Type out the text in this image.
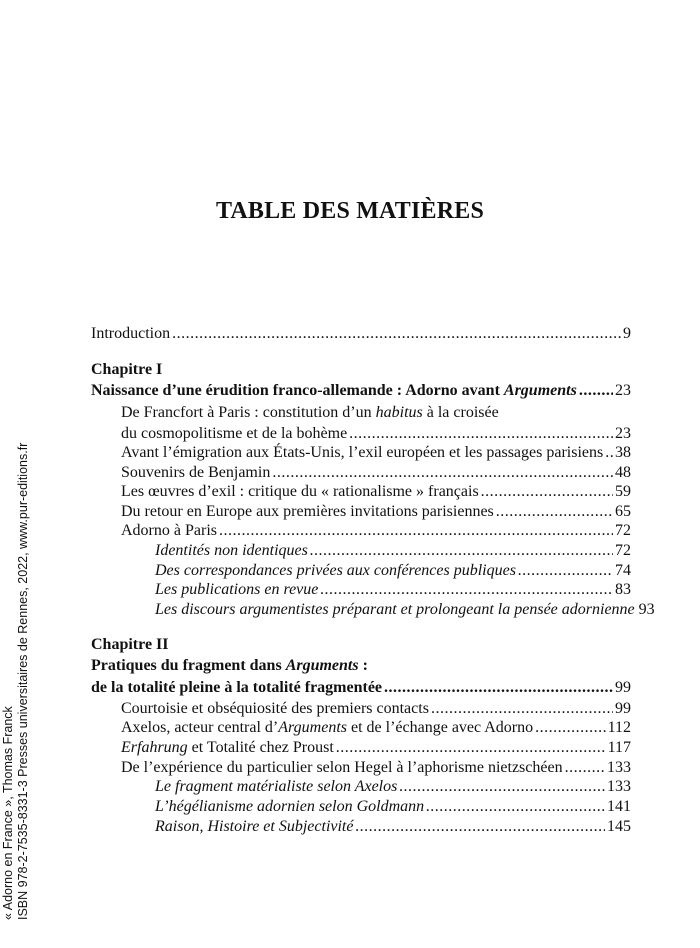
TABLE DES MATIÈRES
Introduction .....	9
Chapitre I
Naissance d’une érudition franco-allemande : Adorno avant Arguments ..... 23
De Francfort à Paris : constitution d’un habitus à la croisée
du cosmopolitisme et de la bohème .....	23
Avant l’émigration aux États-Unis, l’exil européen et les passages parisiens ..... 38
Souvenirs de Benjamin .....	48
Les œuvres d’exil : critique du « rationalisme » français .....	59
Du retour en Europe aux premières invitations parisiennes .....	65
Adorno à Paris .....	72
Identités non identiques .....	72
Des correspondances privées aux conférences publiques .....	74
Les publications en revue .....	83
Les discours argumentistes préparant et prolongeant la pensée adornienne 93
Chapitre II
Pratiques du fragment dans Arguments :
de la totalité pleine à la totalité fragmentée .....	99
Courtoisie et obséquiosité des premiers contacts .....	99
Axelos, acteur central d’Arguments et de l’échange avec Adorno .....	112
Erfahrung et Totalité chez Proust .....	117
De l’expérience du particulier selon Hegel à l’aphorisme nietzschéen .....	133
Le fragment matérialiste selon Axelos .....	133
L’hégélianisme adornien selon Goldmann .....	141
Raison, Histoire et Subjectivité .....	145
« Adorno en France », Thomas Franck ISBN 978-2-7535-8331-3 Presses universitaires de Rennes, 2022, www.pur-editions.fr
